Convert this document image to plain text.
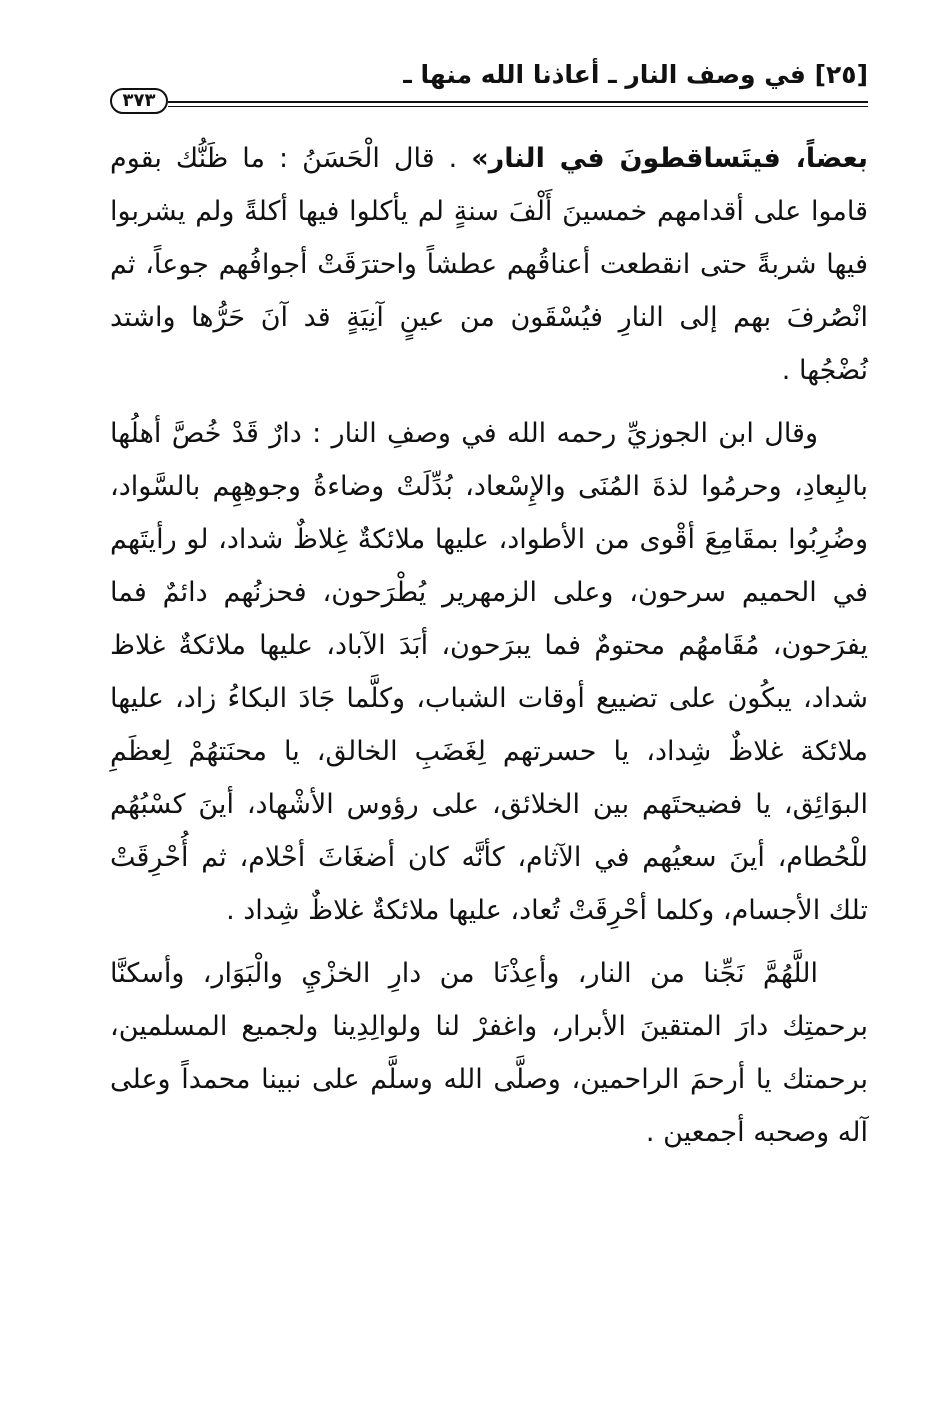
[٢٥] في وصف النار ـ أعاذنا الله منها ـ
٣٧٣

بعضاً، فيتَساقطونَ في النار» . قال الْحَسَنُ : ما ظَنُّك بقوم قاموا على أقدامهم خمسينَ أَلْفَ سنةٍ لم يأكلوا فيها أكلةً ولم يشربوا فيها شربةً حتى انقطعت أعناقُهم عطشاً واحترَقَتْ أجوافُهم جوعاً، ثم انْصُرفَ بهم إلى النارِ فيُسْقَون من عينٍ آنِيَةٍ قد آنَ حَرُّها واشتد نُضْجُها .

وقال ابن الجوزيِّ رحمه الله في وصفِ النار : دارٌ قَدْ خُصَّ أهلُها بالبِعادِ، وحرمُوا لذةَ المُنَى والإِسْعاد، بُدِّلَتْ وضاءةُ وجوهِهِم بالسَّواد، وضُرِبُوا بمقَامِعَ أقْوى من الأطواد، عليها ملائكةٌ غِلاظٌ شداد، لو رأيتَهم في الحميم سرحون، وعلى الزمهرير يُطْرَحون، فحزنُهم دائمٌ فما يفرَحون، مُقَامهُم محتومٌ فما يبرَحون، أبَدَ الآباد، عليها ملائكةٌ غلاظ شداد، يبكُون على تضييع أوقات الشباب، وكلَّما جَادَ البكاءُ زاد، عليها ملائكة غلاظٌ شِداد، يا حسرتهم لِغَضَبِ الخالق، يا محنَتهُمْ لِعظَمِ البوَائِق، يا فضيحتَهم بين الخلائق، على رؤوس الأشْهاد، أينَ كسْبُهُم للْحُطام، أينَ سعيُهم في الآثام، كأنَّه كان أضغَاثَ أحْلام، ثم أُحْرِقَتْ تلك الأجسام، وكلما أحْرِقَتْ تُعاد، عليها ملائكةٌ غلاظٌ شِداد .

اللَّهُمَّ نَجِّنا من النار، وأعِذْنَا من دارِ الخزْيِ والْبَوَار، وأسكنَّا برحمتِك دارَ المتقينَ الأبرار، واغفرْ لنا ولوالِدِينا ولجميع المسلمين، برحمتك يا أرحمَ الراحمين، وصلَّى الله وسلَّم على نبينا محمداً وعلى آله وصحبه أجمعين .
